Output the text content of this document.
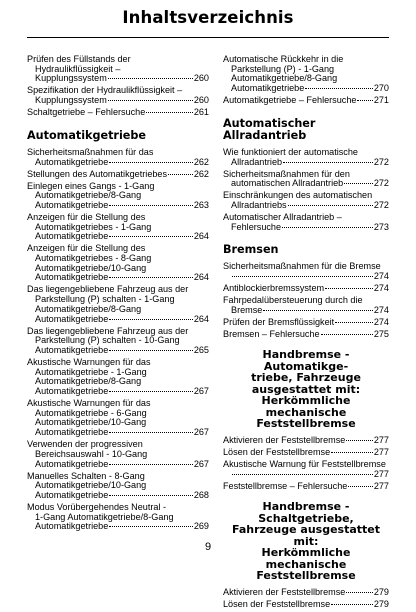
Inhaltsverzeichnis
Prüfen des Füllstands der
Hydraulikflüssigkeit –
Kupplungssystem	260
Spezifikation der Hydraulikflüssigkeit –
Kupplungssystem	260
Schaltgetriebe – Fehlersuche	261
Automatikgetriebe
Sicherheitsmaßnahmen für das
Automatikgetriebe	262
Stellungen des Automatikgetriebes	262
Einlegen eines Gangs - 1-Gang
Automatikgetriebe/8-Gang
Automatikgetriebe	263
Anzeigen für die Stellung des
Automatikgetriebes - 1-Gang
Automatikgetriebe	264
Anzeigen für die Stellung des
Automatikgetriebes - 8-Gang
Automatikgetriebe/10-Gang
Automatikgetriebe	264
Das liegengebliebene Fahrzeug aus der
Parkstellung (P) schalten - 1-Gang
Automatikgetriebe/8-Gang
Automatikgetriebe	264
Das liegengebliebene Fahrzeug aus der
Parkstellung (P) schalten - 10-Gang
Automatikgetriebe	265
Akustische Warnungen für das
Automatikgetriebe - 1-Gang
Automatikgetriebe/8-Gang
Automatikgetriebe	267
Akustische Warnungen für das
Automatikgetriebe - 6-Gang
Automatikgetriebe/10-Gang
Automatikgetriebe	267
Verwenden der progressiven
Bereichsauswahl - 10-Gang
Automatikgetriebe	267
Manuelles Schalten - 8-Gang
Automatikgetriebe/10-Gang
Automatikgetriebe	268
Modus Vorübergehendes Neutral -
1-Gang Automatikgetriebe/8-Gang
Automatikgetriebe	269
Automatische Rückkehr in die
Parkstellung (P) - 1-Gang
Automatikgetriebe/8-Gang
Automatikgetriebe	270
Automatikgetriebe – Fehlersuche 271
Automatischer Allradantrieb
Wie funktioniert der automatische
Allradantrieb	272
Sicherheitsmaßnahmen für den
automatischen Allradantrieb	272
Einschränkungen des automatischen
Allradantriebs	272
Automatischer Allradantrieb –
Fehlersuche	273
Bremsen
Sicherheitsmaßnahmen für die Bremse
274
Antiblockierbremssystem	274
Fahrpedalübersteuerung durch die
Bremse	274
Prüfen der Bremsflüssigkeit	274
Bremsen – Fehlersuche	275
Handbremse - Automatikge-
triebe, Fahrzeuge
ausgestattet mit:
Herkömmliche mechanische
Feststellbremse
Aktivieren der Feststellbremse	277
Lösen der Feststellbremse	277
Akustische Warnung für Feststellbremse
277
Feststellbremse – Fehlersuche	277
Handbremse - Schaltgetriebe,
Fahrzeuge ausgestattet mit:
Herkömmliche mechanische
Feststellbremse
Aktivieren der Feststellbremse	279
Lösen der Feststellbremse	279
9
